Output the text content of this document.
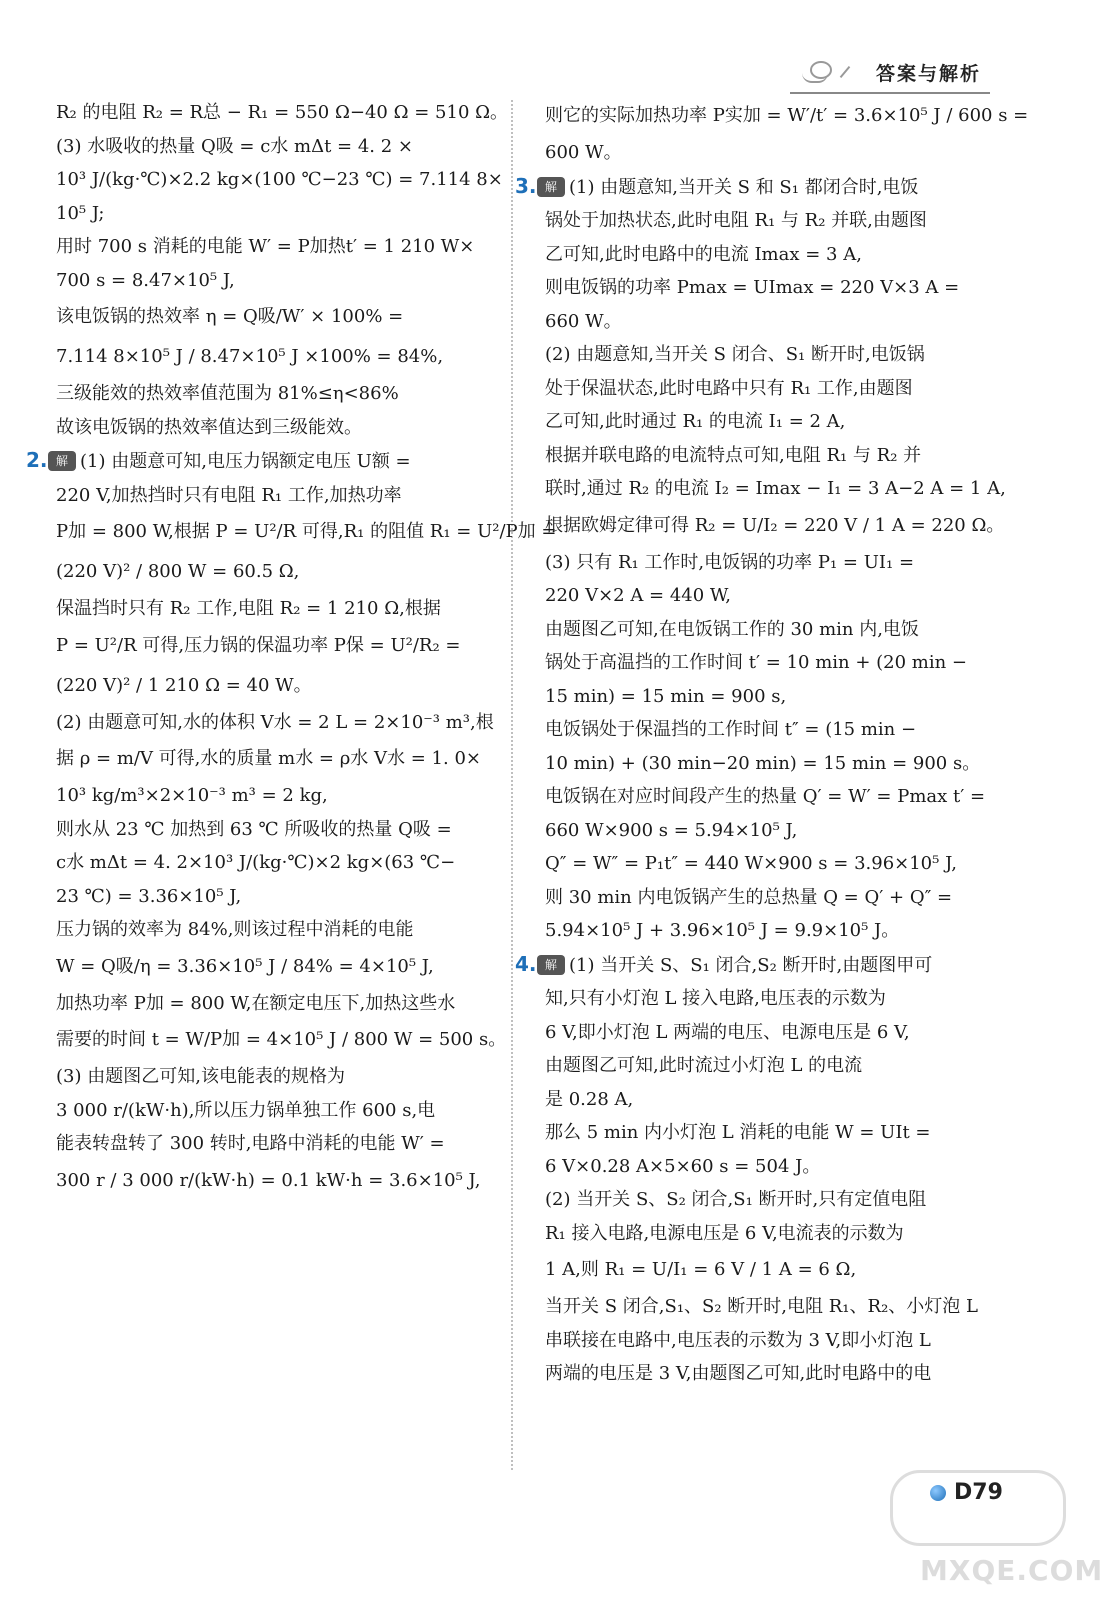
答案与解析
R₂ 的电阻 R₂ = R总 − R₁ = 550 Ω−40 Ω = 510 Ω。
(3) 水吸收的热量 Q吸 = c水 mΔt = 4. 2 ×
10³ J/(kg·℃)×2.2 kg×(100 ℃−23 ℃) = 7.114 8×
10⁵ J;
用时 700 s 消耗的电能 W′ = P加热t′ = 1 210 W×
700 s = 8.47×10⁵ J,
该电饭锅的热效率 η = Q吸/W′ × 100% =
7.114 8×10⁵ J / 8.47×10⁵ J ×100% = 84%,
三级能效的热效率值范围为 81%≤η<86%
故该电饭锅的热效率值达到三级能效。
2. 解 (1) 由题意可知,电压力锅额定电压 U额 =
220 V,加热挡时只有电阻 R₁ 工作,加热功率
P加 = 800 W,根据 P = U²/R 可得,R₁ 的阻值 R₁ = U²/P加 =
(220 V)² / 800 W = 60.5 Ω,
保温挡时只有 R₂ 工作,电阻 R₂ = 1 210 Ω,根据
P = U²/R 可得,压力锅的保温功率 P保 = U²/R₂ =
(220 V)² / 1 210 Ω = 40 W。
(2) 由题意可知,水的体积 V水 = 2 L = 2×10⁻³ m³,根
据 ρ = m/V 可得,水的质量 m水 = ρ水 V水 = 1. 0×
10³ kg/m³×2×10⁻³ m³ = 2 kg,
则水从 23 ℃ 加热到 63 ℃ 所吸收的热量 Q吸 =
c水 mΔt = 4. 2×10³ J/(kg·℃)×2 kg×(63 ℃−
23 ℃) = 3.36×10⁵ J,
压力锅的效率为 84%,则该过程中消耗的电能
W = Q吸/η = 3.36×10⁵ J / 84% = 4×10⁵ J,
加热功率 P加 = 800 W,在额定电压下,加热这些水
需要的时间 t = W/P加 = 4×10⁵ J / 800 W = 500 s。
(3) 由题图乙可知,该电能表的规格为
3 000 r/(kW·h),所以压力锅单独工作 600 s,电
能表转盘转了 300 转时,电路中消耗的电能 W′ =
300 r / 3 000 r/(kW·h) = 0.1 kW·h = 3.6×10⁵ J,
则它的实际加热功率 P实加 = W′/t′ = 3.6×10⁵ J / 600 s =
600 W。
3. 解 (1) 由题意知,当开关 S 和 S₁ 都闭合时,电饭
锅处于加热状态,此时电阻 R₁ 与 R₂ 并联,由题图
乙可知,此时电路中的电流 Imax = 3 A,
则电饭锅的功率 Pmax = UImax = 220 V×3 A =
660 W。
(2) 由题意知,当开关 S 闭合、S₁ 断开时,电饭锅
处于保温状态,此时电路中只有 R₁ 工作,由题图
乙可知,此时通过 R₁ 的电流 I₁ = 2 A,
根据并联电路的电流特点可知,电阻 R₁ 与 R₂ 并
联时,通过 R₂ 的电流 I₂ = Imax − I₁ = 3 A−2 A = 1 A,
根据欧姆定律可得 R₂ = U/I₂ = 220 V / 1 A = 220 Ω。
(3) 只有 R₁ 工作时,电饭锅的功率 P₁ = UI₁ =
220 V×2 A = 440 W,
由题图乙可知,在电饭锅工作的 30 min 内,电饭
锅处于高温挡的工作时间 t′ = 10 min + (20 min −
15 min) = 15 min = 900 s,
电饭锅处于保温挡的工作时间 t″ = (15 min −
10 min) + (30 min−20 min) = 15 min = 900 s。
电饭锅在对应时间段产生的热量 Q′ = W′ = Pmax t′ =
660 W×900 s = 5.94×10⁵ J,
Q″ = W″ = P₁t″ = 440 W×900 s = 3.96×10⁵ J,
则 30 min 内电饭锅产生的总热量 Q = Q′ + Q″ =
5.94×10⁵ J + 3.96×10⁵ J = 9.9×10⁵ J。
4. 解 (1) 当开关 S、S₁ 闭合,S₂ 断开时,由题图甲可
知,只有小灯泡 L 接入电路,电压表的示数为
6 V,即小灯泡 L 两端的电压、电源电压是 6 V,
由题图乙可知,此时流过小灯泡 L 的电流
是 0.28 A,
那么 5 min 内小灯泡 L 消耗的电能 W = UIt =
6 V×0.28 A×5×60 s = 504 J。
(2) 当开关 S、S₂ 闭合,S₁ 断开时,只有定值电阻
R₁ 接入电路,电源电压是 6 V,电流表的示数为
1 A,则 R₁ = U/I₁ = 6 V / 1 A = 6 Ω,
当开关 S 闭合,S₁、S₂ 断开时,电阻 R₁、R₂、小灯泡 L
串联接在电路中,电压表的示数为 3 V,即小灯泡 L
两端的电压是 3 V,由题图乙可知,此时电路中的电
MXQE.COM
D79
